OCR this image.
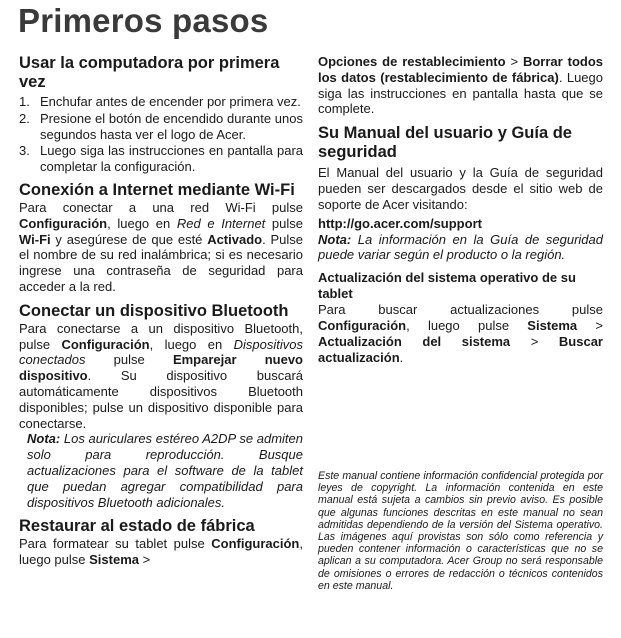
Primeros pasos
Usar la computadora por primera vez
1. Enchufar antes de encender por primera vez.
2. Presione el botón de encendido durante unos segundos hasta ver el logo de Acer.
3. Luego siga las instrucciones en pantalla para completar la configuración.
Conexión a Internet mediante Wi-Fi

Para conectar a una red Wi-Fi pulse Configuración, luego en Red e Internet pulse Wi-Fi y asegúrese de que esté Activado. Pulse el nombre de su red inalámbrica; si es necesario ingrese una contraseña de seguridad para acceder a la red.

Conectar un dispositivo Bluetooth

Para conectarse a un dispositivo Bluetooth, pulse Configuración, luego en Dispositivos conectados pulse Emparejar nuevo dispositivo. Su dispositivo buscará automáticamente dispositivos Bluetooth disponibles; pulse un dispositivo disponible para conectarse.

Nota: Los auriculares estéreo A2DP se admiten solo para reproducción. Busque actualizaciones para el software de la tablet que puedan agregar compatibilidad para dispositivos Bluetooth adicionales.

Restaurar al estado de fábrica

Para formatear su tablet pulse Configuración, luego pulse Sistema >

Opciones de restablecimiento > Borrar todos los datos (restablecimiento de fábrica). Luego siga las instrucciones en pantalla hasta que se complete.

Su Manual del usuario y Guía de seguridad

El Manual del usuario y la Guía de seguridad pueden ser descargados desde el sitio web de soporte de Acer visitando:

http://go.acer.com/support

Nota: La información en la Guía de seguridad puede variar según el producto o la región.

Actualización del sistema operativo de su tablet

Para buscar actualizaciones pulse Configuración, luego pulse Sistema > Actualización del sistema > Buscar actualización.

Este manual contiene información confidencial protegida por leyes de copyright. La información contenida en este manual está sujeta a cambios sin previo aviso. Es posible que algunas funciones descritas en este manual no sean admitidas dependiendo de la versión del Sistema operativo. Las imágenes aquí provistas son sólo como referencia y pueden contener información o características que no se aplican a su computadora. Acer Group no será responsable de omisiones o errores de redacción o técnicos contenidos en este manual.
